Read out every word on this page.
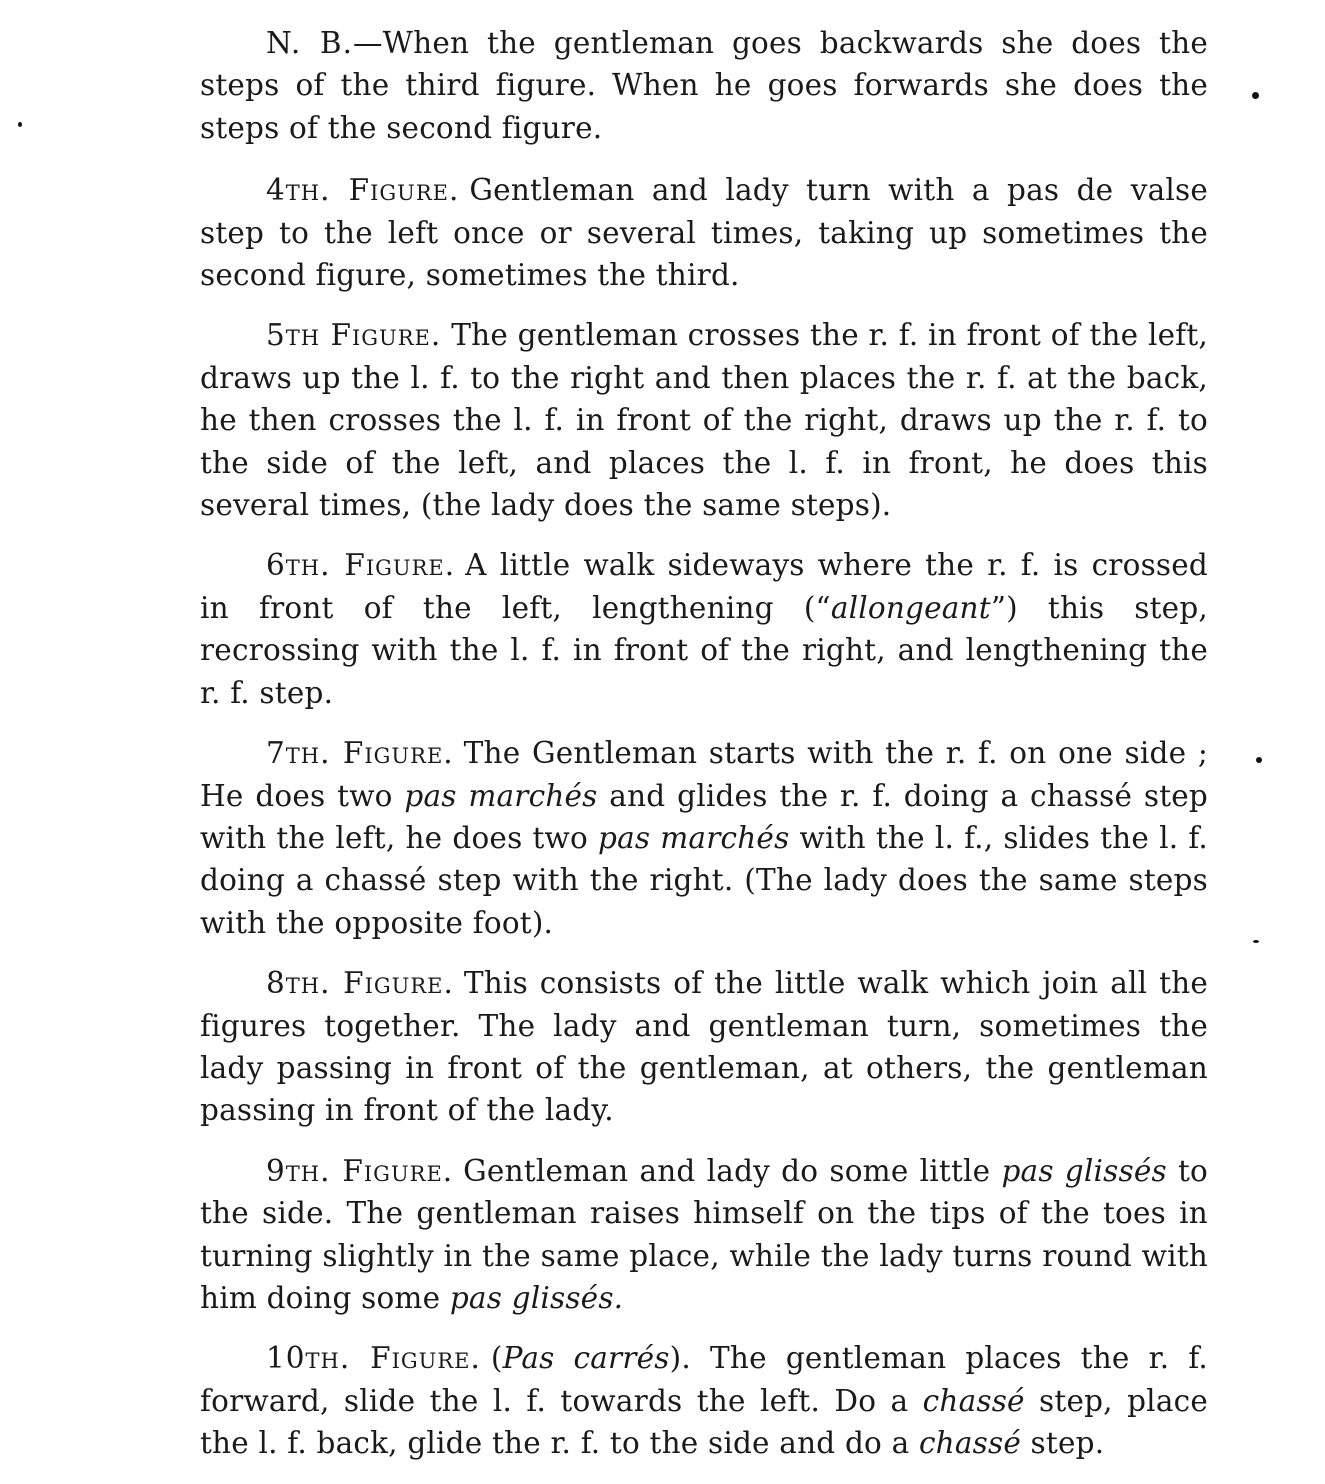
N. B.—When the gentleman goes backwards she does the steps of the third figure. When he goes forwards she does the steps of the second figure.

4th. Figure. Gentleman and lady turn with a pas de valse step to the left once or several times, taking up sometimes the second figure, sometimes the third.

5th Figure. The gentleman crosses the r. f. in front of the left, draws up the l. f. to the right and then places the r. f. at the back, he then crosses the l. f. in front of the right, draws up the r. f. to the side of the left, and places the l. f. in front, he does this several times, (the lady does the same steps).

6th. Figure. A little walk sideways where the r. f. is crossed in front of the left, lengthening (“allongeant”) this step, recrossing with the l. f. in front of the right, and lengthening the r. f. step.

7th. Figure. The Gentleman starts with the r. f. on one side ; He does two pas marchés and glides the r. f. doing a chassé step with the left, he does two pas marchés with the l. f., slides the l. f. doing a chassé step with the right. (The lady does the same steps with the opposite foot).

8th. Figure. This consists of the little walk which join all the figures together. The lady and gentleman turn, sometimes the lady passing in front of the gentleman, at others, the gentleman passing in front of the lady.

9th. Figure. Gentleman and lady do some little pas glissés to the side. The gentleman raises himself on the tips of the toes in turning slightly in the same place, while the lady turns round with him doing some pas glissés.

10th. Figure. (Pas carrés). The gentleman places the r. f. forward, slide the l. f. towards the left. Do a chassé step, place the l. f. back, glide the r. f. to the side and do a chassé step.
